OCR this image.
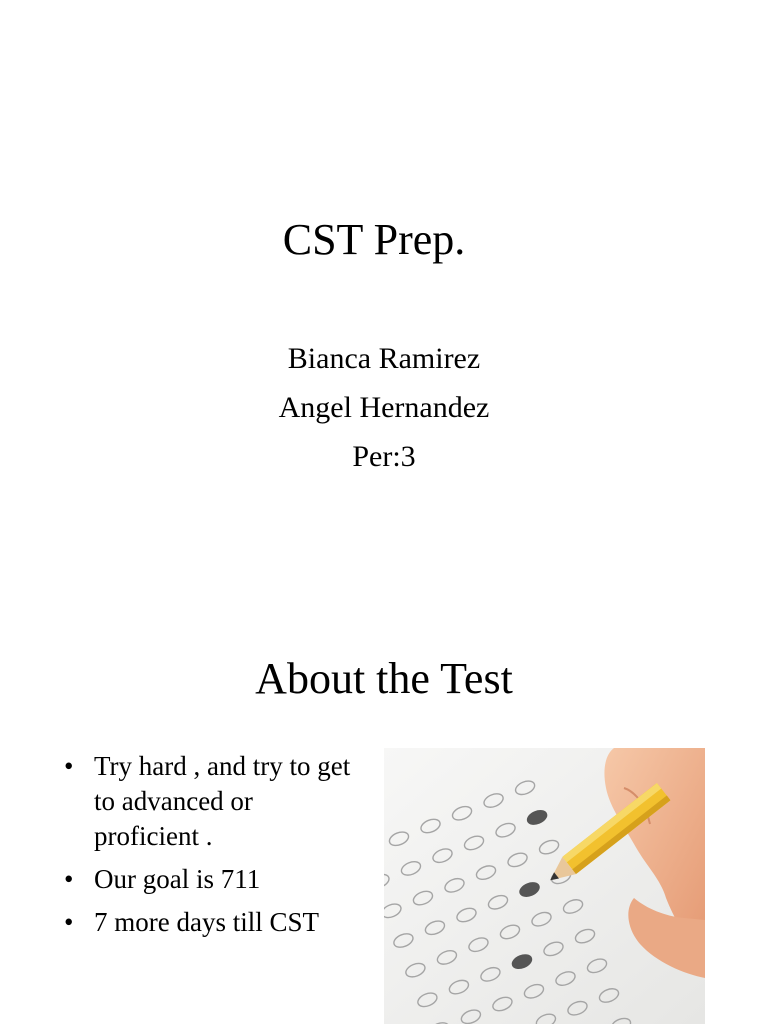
CST Prep.
Bianca Ramirez
Angel Hernandez
Per:3
About the Test
• Try hard , and try to get to advanced or proficient .
• Our goal is 711
• 7 more days till CST
